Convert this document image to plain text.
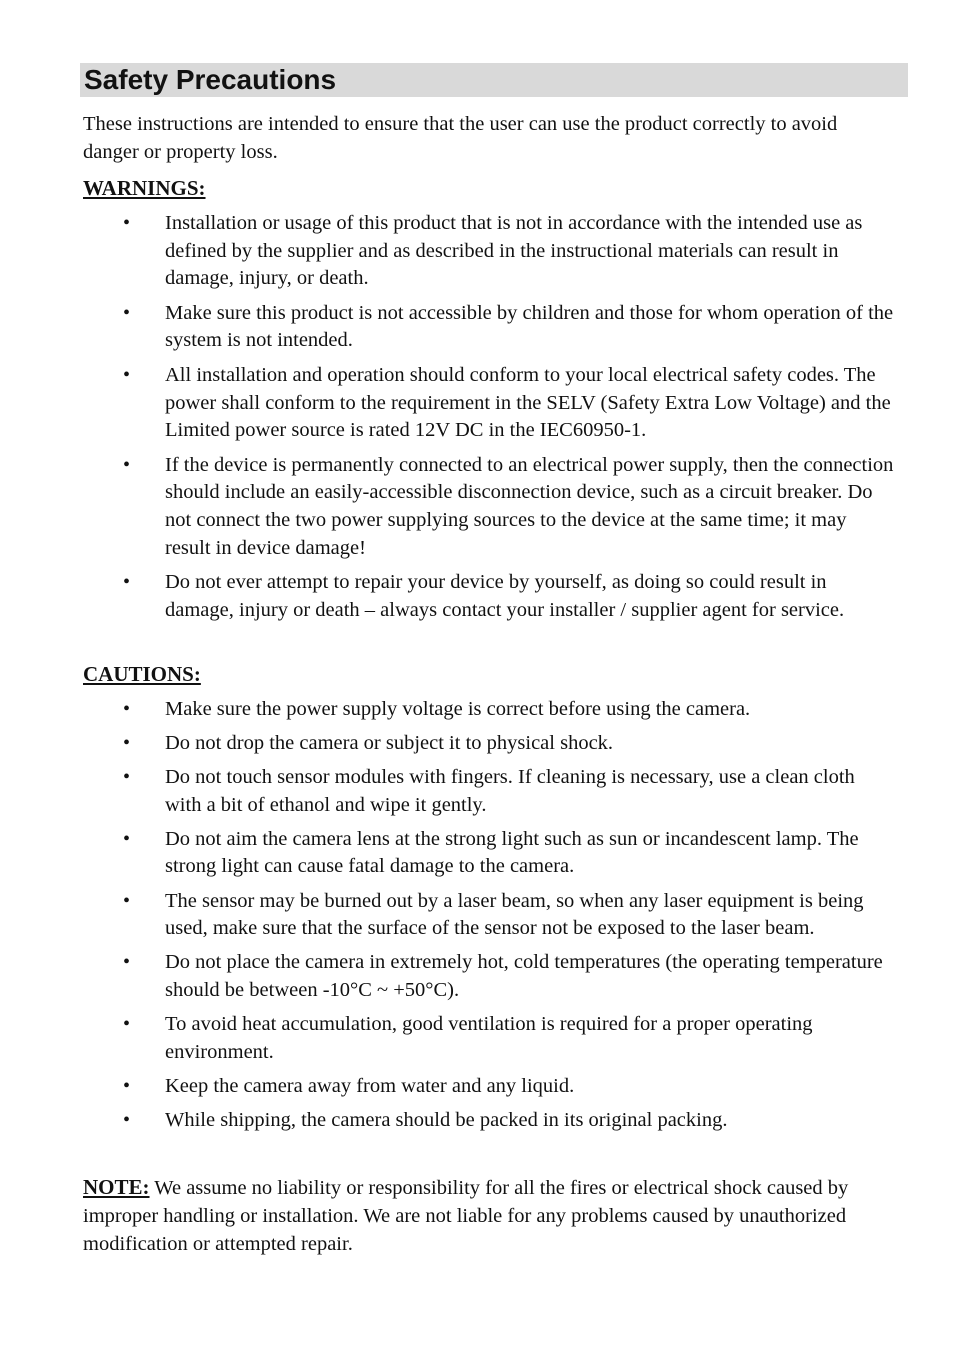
Safety Precautions

These instructions are intended to ensure that the user can use the product correctly to avoid danger or property loss.

WARNINGS:

• Installation or usage of this product that is not in accordance with the intended use as defined by the supplier and as described in the instructional materials can result in damage, injury, or death.
• Make sure this product is not accessible by children and those for whom operation of the system is not intended.
• All installation and operation should conform to your local electrical safety codes. The power shall conform to the requirement in the SELV (Safety Extra Low Voltage) and the Limited power source is rated 12V DC in the IEC60950-1.
• If the device is permanently connected to an electrical power supply, then the connection should include an easily-accessible disconnection device, such as a circuit breaker. Do not connect the two power supplying sources to the device at the same time; it may result in device damage!
• Do not ever attempt to repair your device by yourself, as doing so could result in damage, injury or death – always contact your installer / supplier agent for service.

CAUTIONS:

• Make sure the power supply voltage is correct before using the camera.
• Do not drop the camera or subject it to physical shock.
• Do not touch sensor modules with fingers. If cleaning is necessary, use a clean cloth with a bit of ethanol and wipe it gently.
• Do not aim the camera lens at the strong light such as sun or incandescent lamp. The strong light can cause fatal damage to the camera.
• The sensor may be burned out by a laser beam, so when any laser equipment is being used, make sure that the surface of the sensor not be exposed to the laser beam.
• Do not place the camera in extremely hot, cold temperatures (the operating temperature should be between -10°C ~ +50°C).
• To avoid heat accumulation, good ventilation is required for a proper operating environment.
• Keep the camera away from water and any liquid.
• While shipping, the camera should be packed in its original packing.

NOTE: We assume no liability or responsibility for all the fires or electrical shock caused by improper handling or installation. We are not liable for any problems caused by unauthorized modification or attempted repair.
